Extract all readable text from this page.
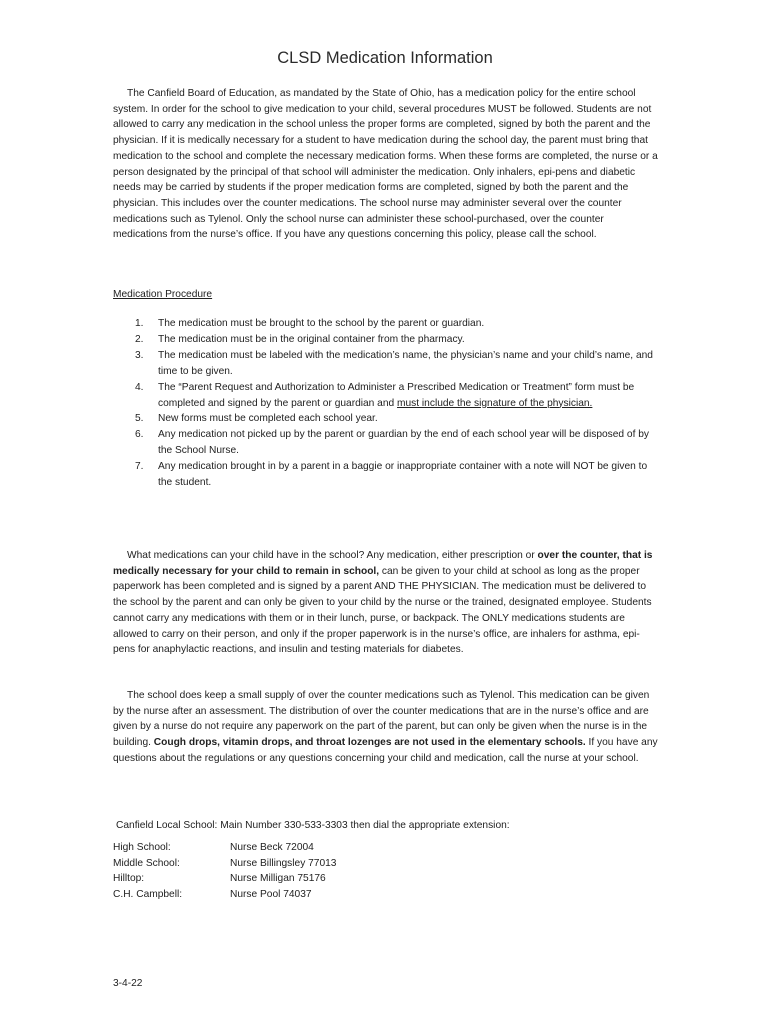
CLSD Medication Information

The Canfield Board of Education, as mandated by the State of Ohio, has a medication policy for the entire school system. In order for the school to give medication to your child, several procedures MUST be followed. Students are not allowed to carry any medication in the school unless the proper forms are completed, signed by both the parent and the physician. If it is medically necessary for a student to have medication during the school day, the parent must bring that medication to the school and complete the necessary medication forms. When these forms are completed, the nurse or a person designated by the principal of that school will administer the medication. Only inhalers, epi-pens and diabetic needs may be carried by students if the proper medication forms are completed, signed by both the parent and the physician. This includes over the counter medications. The school nurse may administer several over the counter medications such as Tylenol. Only the school nurse can administer these school-purchased, over the counter medications from the nurse’s office. If you have any questions concerning this policy, please call the school.

Medication Procedure

1. The medication must be brought to the school by the parent or guardian.
2. The medication must be in the original container from the pharmacy.
3. The medication must be labeled with the medication’s name, the physician’s name and your child’s name, and time to be given.
4. The “Parent Request and Authorization to Administer a Prescribed Medication or Treatment” form must be completed and signed by the parent or guardian and must include the signature of the physician.
5. New forms must be completed each school year.
6. Any medication not picked up by the parent or guardian by the end of each school year will be disposed of by the School Nurse.
7. Any medication brought in by a parent in a baggie or inappropriate container with a note will NOT be given to the student.

What medications can your child have in the school? Any medication, either prescription or over the counter, that is medically necessary for your child to remain in school, can be given to your child at school as long as the proper paperwork has been completed and is signed by a parent AND THE PHYSICIAN. The medication must be delivered to the school by the parent and can only be given to your child by the nurse or the trained, designated employee. Students cannot carry any medications with them or in their lunch, purse, or backpack. The ONLY medications students are allowed to carry on their person, and only if the proper paperwork is in the nurse’s office, are inhalers for asthma, epi-pens for anaphylactic reactions, and insulin and testing materials for diabetes.

The school does keep a small supply of over the counter medications such as Tylenol. This medication can be given by the nurse after an assessment. The distribution of over the counter medications that are in the nurse’s office and are given by a nurse do not require any paperwork on the part of the parent, but can only be given when the nurse is in the building. Cough drops, vitamin drops, and throat lozenges are not used in the elementary schools. If you have any questions about the regulations or any questions concerning your child and medication, call the nurse at your school.

Canfield Local School: Main Number 330-533-3303 then dial the appropriate extension:

High School:	Nurse Beck 72004
Middle School:	Nurse Billingsley 77013
Hilltop:	Nurse Milligan 75176
C.H. Campbell:	Nurse Pool 74037

3-4-22
